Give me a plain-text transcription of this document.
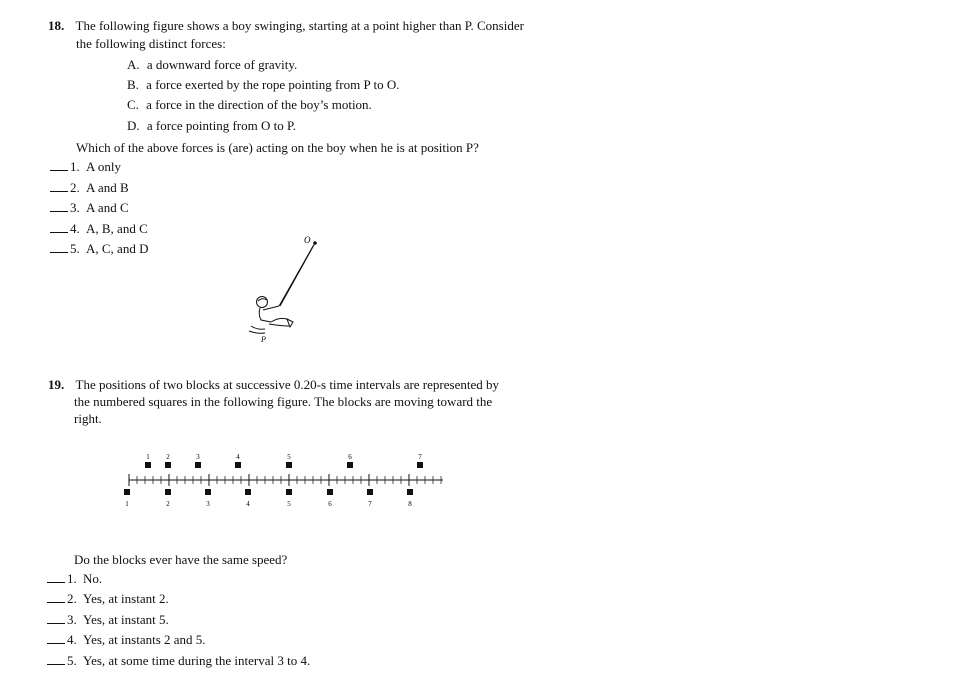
18. The following figure shows a boy swinging, starting at a point higher than P. Consider
the following distinct forces:
A. a downward force of gravity.
B. a force exerted by the rope pointing from P to O.
C. a force in the direction of the boy’s motion.
D. a force pointing from O to P.
Which of the above forces is (are) acting on the boy when he is at position P?
1. A only
2. A and B
3. A and C
4. A, B, and C
5. A, C, and D
O
P
19. The positions of two blocks at successive 0.20-s time intervals are represented by
the numbered squares in the following figure. The blocks are moving toward the
right.
1 2	3	4	5	6	7
1	2	3	4	5	6	7	8
Do the blocks ever have the same speed?
1. No.
2. Yes, at instant 2.
3. Yes, at instant 5.
4. Yes, at instants 2 and 5.
5. Yes, at some time during the interval 3 to 4.
